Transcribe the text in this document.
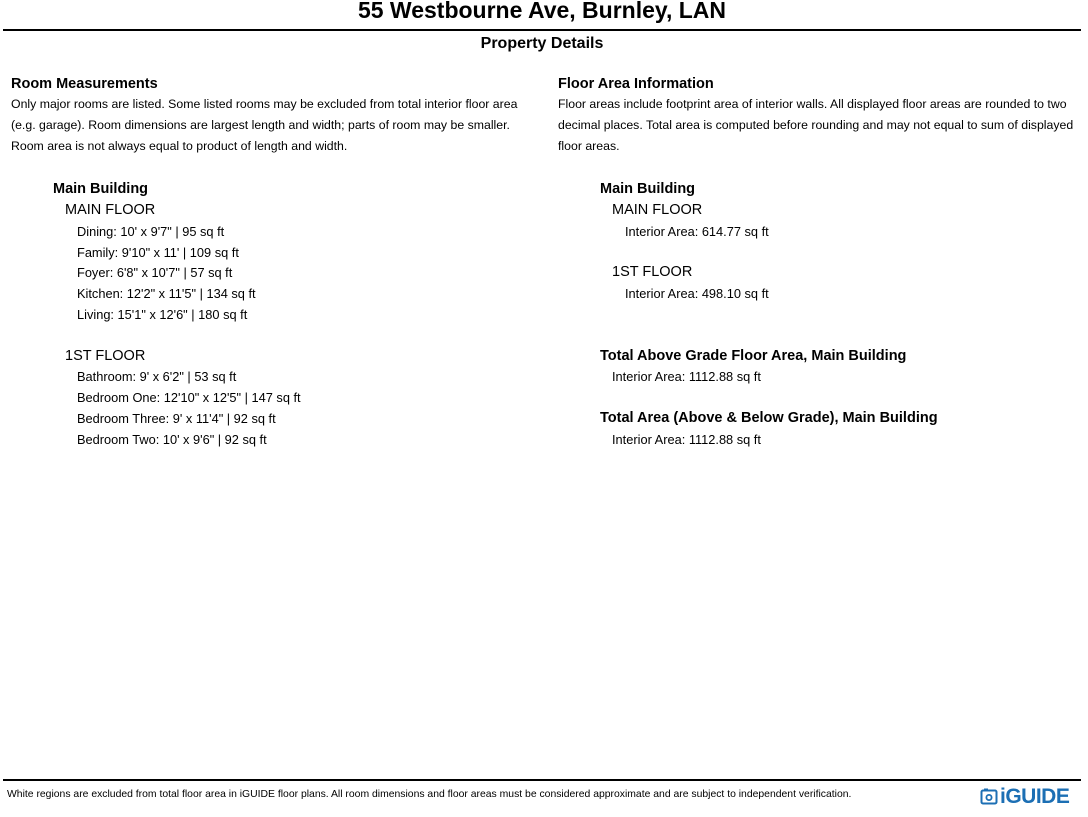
55 Westbourne Ave, Burnley, LAN
Property Details
Room Measurements

Only major rooms are listed. Some listed rooms may be excluded from total interior floor area (e.g. garage). Room dimensions are largest length and width; parts of room may be smaller. Room area is not always equal to product of length and width.

Main Building
MAIN FLOOR
Dining: 10' x 9'7" | 95 sq ft
Family: 9'10" x 11' | 109 sq ft
Foyer: 6'8" x 10'7" | 57 sq ft
Kitchen: 12'2" x 11'5" | 134 sq ft
Living: 15'1" x 12'6" | 180 sq ft
1ST FLOOR
Bathroom: 9' x 6'2" | 53 sq ft
Bedroom One: 12'10" x 12'5" | 147 sq ft
Bedroom Three: 9' x 11'4" | 92 sq ft
Bedroom Two: 10' x 9'6" | 92 sq ft
Floor Area Information

Floor areas include footprint area of interior walls. All displayed floor areas are rounded to two decimal places. Total area is computed before rounding and may not equal to sum of displayed floor areas.

Main Building
MAIN FLOOR
Interior Area: 614.77 sq ft
1ST FLOOR
Interior Area: 498.10 sq ft
Total Above Grade Floor Area, Main Building
Interior Area: 1112.88 sq ft
Total Area (Above & Below Grade), Main Building
Interior Area: 1112.88 sq ft
White regions are excluded from total floor area in iGUIDE floor plans. All room dimensions and floor areas must be considered approximate and are subject to independent verification.	iGUIDE
